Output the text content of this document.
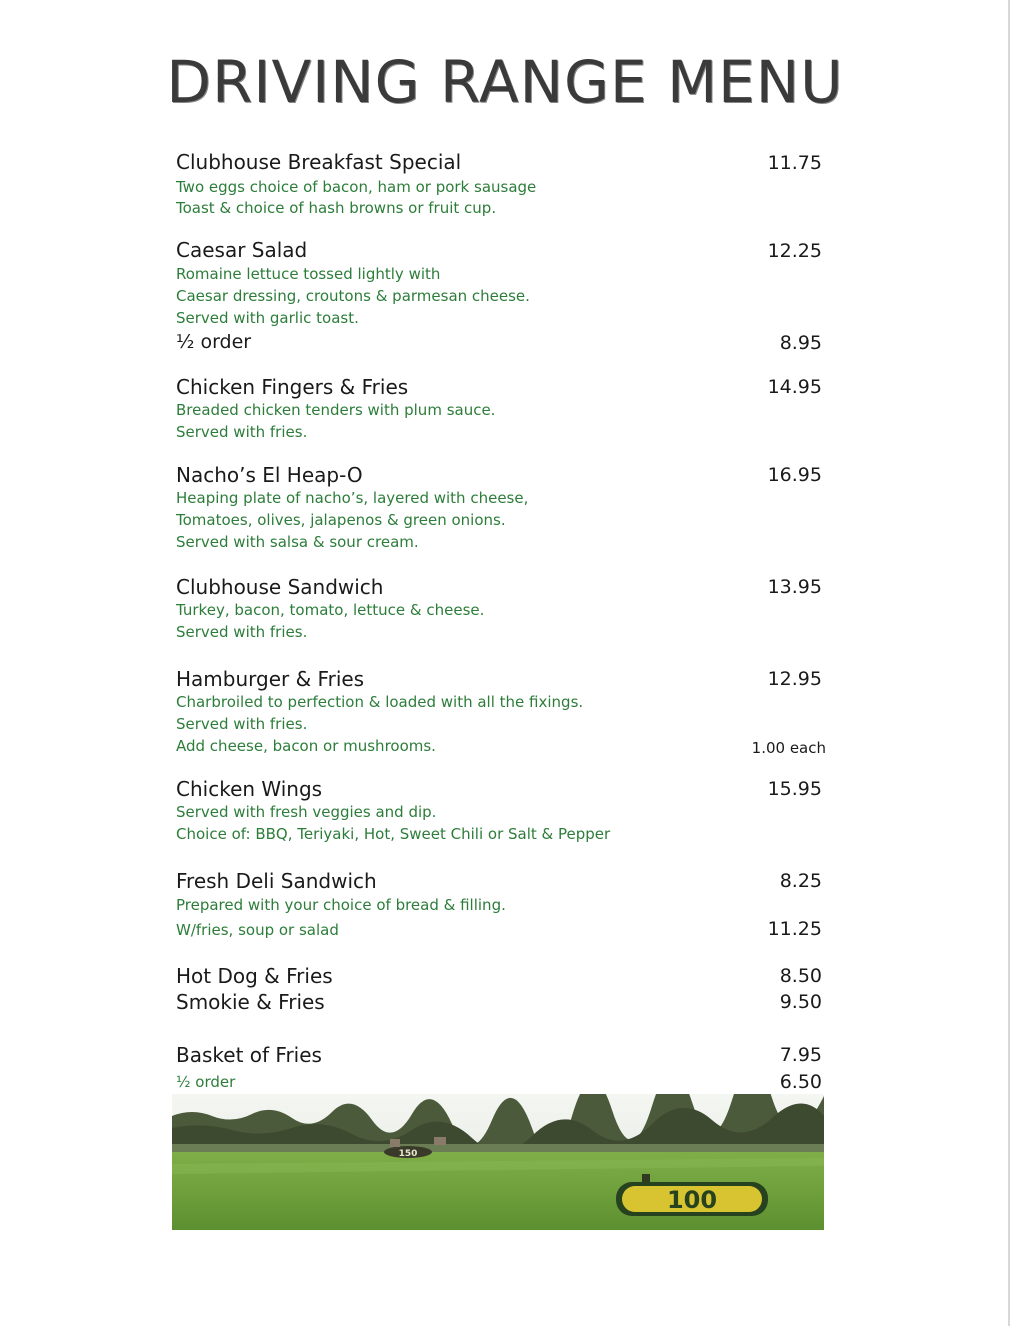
DRIVING RANGE MENU
Clubhouse Breakfast Special	11.75
Two eggs choice of bacon, ham or pork sausage
Toast & choice of hash browns or fruit cup.
Caesar Salad	12.25
Romaine lettuce tossed lightly with
Caesar dressing, croutons & parmesan cheese.
Served with garlic toast.
½ order	8.95
Chicken Fingers & Fries	14.95
Breaded chicken tenders with plum sauce.
Served with fries.
Nacho’s El Heap-O	16.95
Heaping plate of nacho’s, layered with cheese,
Tomatoes, olives, jalapenos & green onions.
Served with salsa & sour cream.
Clubhouse Sandwich	13.95
Turkey, bacon, tomato, lettuce & cheese.
Served with fries.
Hamburger & Fries	12.95
Charbroiled to perfection & loaded with all the fixings.
Served with fries.
Add cheese, bacon or mushrooms.	1.00 each
Chicken Wings	15.95
Served with fresh veggies and dip.
Choice of: BBQ, Teriyaki, Hot, Sweet Chili or Salt & Pepper
Fresh Deli Sandwich	8.25
Prepared with your choice of bread & filling.
W/fries, soup or salad	11.25
Hot Dog & Fries	8.50
Smokie & Fries	9.50
Basket of Fries	7.95
½ order	6.50
150
100
